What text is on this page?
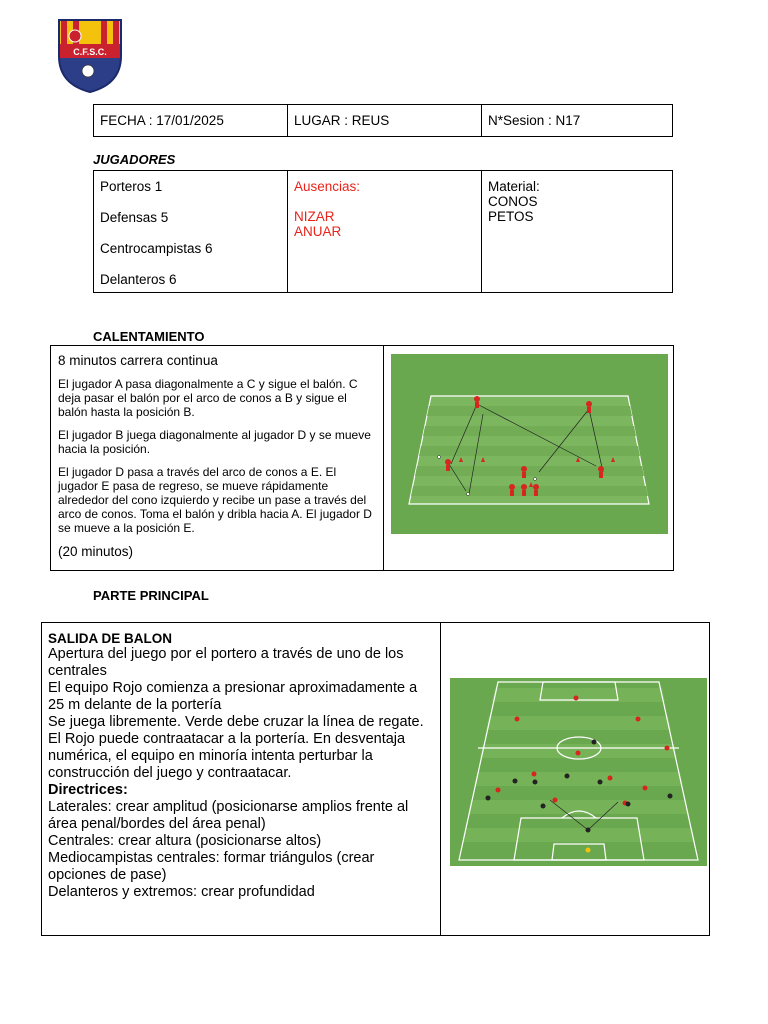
C.F.S.C.
FECHA : 17/01/2025	LUGAR : REUS	N*Sesion : N17
JUGADORES
Porteros 1
Defensas 5
Centrocampistas 6
Delanteros 6

Ausencias:
NIZAR
ANUAR

Material:
CONOS
PETOS
CALENTAMIENTO
8 minutos carrera continua

El jugador A pasa diagonalmente a C y sigue el balón. C deja pasar el balón por el arco de conos a B y sigue el balón hasta la posición B.

El jugador B juega diagonalmente al jugador D y se mueve hacia la posición.

El jugador D pasa a través del arco de conos a E. El jugador E pasa de regreso, se mueve rápidamente alrededor del cono izquierdo y recibe un pase a través del arco de conos. Toma el balón y dribla hacia A. El jugador D se mueve a la posición E.

(20 minutos)
PARTE PRINCIPAL
SALIDA DE BALON
Apertura del juego por el portero a través de uno de los centrales
El equipo Rojo comienza a presionar aproximadamente a 25 m delante de la portería
Se juega libremente. Verde debe cruzar la línea de regate. El Rojo puede contraatacar a la portería. En desventaja numérica, el equipo en minoría intenta perturbar la construcción del juego y contraatacar.
Directrices:
Laterales: crear amplitud (posicionarse amplios frente al área penal/bordes del área penal)
Centrales: crear altura (posicionarse altos)
Mediocampistas centrales: formar triángulos (crear opciones de pase)
Delanteros y extremos: crear profundidad
